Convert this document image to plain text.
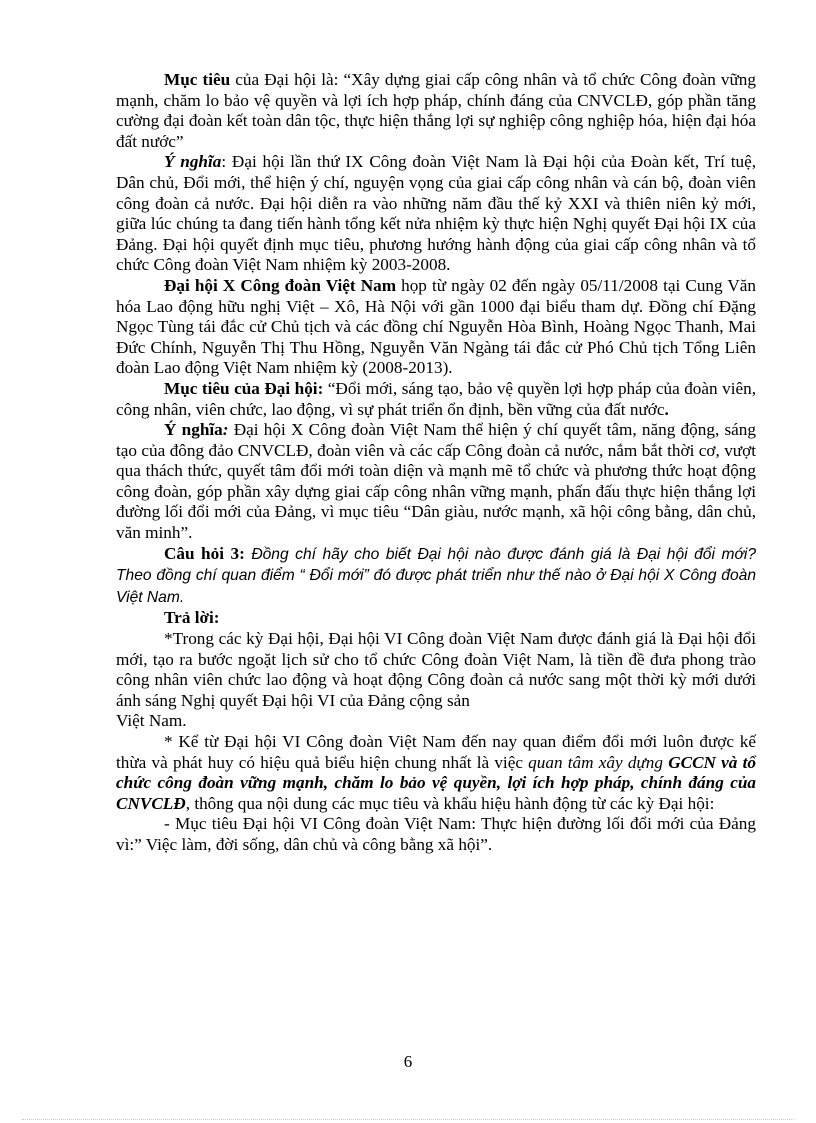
Mục tiêu của Đại hội là: “Xây dựng giai cấp công nhân và tổ chức Công đoàn vững mạnh, chăm lo bảo vệ quyền và lợi ích hợp pháp, chính đáng của CNVCLĐ, góp phần tăng cường đại đoàn kết toàn dân tộc, thực hiện thắng lợi sự nghiệp công nghiệp hóa, hiện đại hóa đất nước”

Ý nghĩa: Đại hội lần thứ IX Công đoàn Việt Nam là Đại hội của Đoàn kết, Trí tuệ, Dân chủ, Đổi mới, thể hiện ý chí, nguyện vọng của giai cấp công nhân và cán bộ, đoàn viên công đoàn cả nước. Đại hội diễn ra vào những năm đầu thế kỷ XXI và thiên niên kỷ mới, giữa lúc chúng ta đang tiến hành tổng kết nửa nhiệm kỳ thực hiện Nghị quyết Đại hội IX của Đảng. Đại hội quyết định mục tiêu, phương hướng hành động của giai cấp công nhân và tổ chức Công đoàn Việt Nam nhiệm kỳ 2003-2008.

Đại hội X Công đoàn Việt Nam họp từ ngày 02 đến ngày 05/11/2008 tại Cung Văn hóa Lao động hữu nghị Việt – Xô, Hà Nội với gần 1000 đại biểu tham dự. Đồng chí Đặng Ngọc Tùng tái đắc cử Chủ tịch và các đồng chí Nguyễn Hòa Bình, Hoàng Ngọc Thanh, Mai Đức Chính, Nguyễn Thị Thu Hồng, Nguyễn Văn Ngàng tái đắc cử Phó Chủ tịch Tổng Liên đoàn Lao động Việt Nam nhiệm kỳ (2008-2013).

Mục tiêu của Đại hội: “Đổi mới, sáng tạo, bảo vệ quyền lợi hợp pháp của đoàn viên, công nhân, viên chức, lao động, vì sự phát triển ổn định, bền vững của đất nước.

Ý nghĩa: Đại hội X Công đoàn Việt Nam thể hiện ý chí quyết tâm, năng động, sáng tạo của đông đảo CNVCLĐ, đoàn viên và các cấp Công đoàn cả nước, nắm bắt thời cơ, vượt qua thách thức, quyết tâm đổi mới toàn diện và mạnh mẽ tổ chức và phương thức hoạt động công đoàn, góp phần xây dựng giai cấp công nhân vững mạnh, phấn đấu thực hiện thắng lợi đường lối đổi mới của Đảng, vì mục tiêu “Dân giàu, nước mạnh, xã hội công bằng, dân chủ, văn minh”.

Câu hỏi 3: Đồng chí hãy cho biết Đại hội nào được đánh giá là Đại hội đổi mới? Theo đồng chí quan điểm “ Đổi mới” đó được phát triển như thế nào ở Đại hội X Công đoàn Việt Nam.

Trả lời:

*Trong các kỳ Đại hội, Đại hội VI Công đoàn Việt Nam được đánh giá là Đại hội đổi mới, tạo ra bước ngoặt lịch sử cho tổ chức Công đoàn Việt Nam, là tiền đề đưa phong trào công nhân viên chức lao động và hoạt động Công đoàn cả nước sang một thời kỳ mới dưới ánh sáng Nghị quyết Đại hội VI của Đảng cộng sản

Việt Nam.

* Kể từ Đại hội VI Công đoàn Việt Nam đến nay quan điểm đổi mới luôn được kế thừa và phát huy có hiệu quả biểu hiện chung nhất là việc quan tâm xây dựng GCCN và tổ chức công đoàn vững mạnh, chăm lo bảo vệ quyền, lợi ích hợp pháp, chính đáng của CNVCLĐ, thông qua nội dung các mục tiêu và khẩu hiệu hành động từ các kỳ Đại hội:

- Mục tiêu Đại hội VI Công đoàn Việt Nam: Thực hiện đường lối đổi mới của Đảng vì:” Việc làm, đời sống, dân chủ và công bằng xã hội”.

6
